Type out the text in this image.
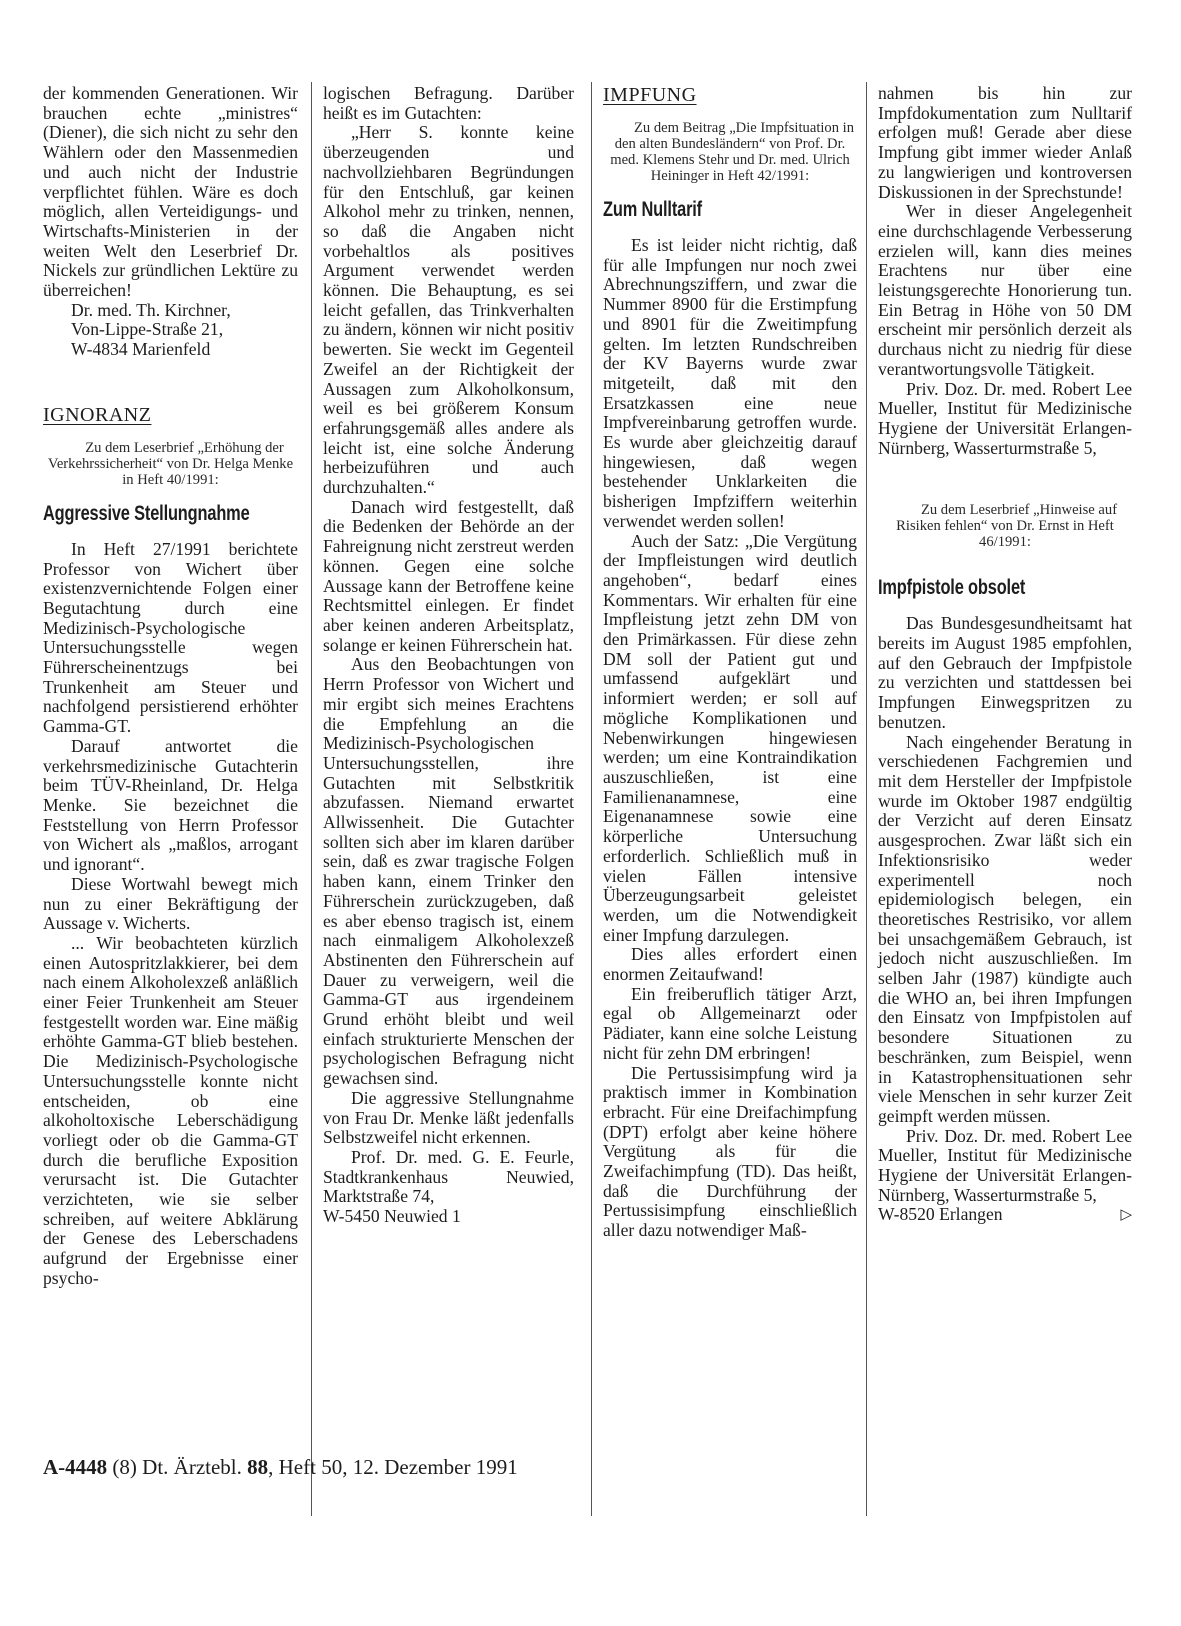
der kommenden Generationen. Wir brauchen echte „ministres“ (Diener), die sich nicht zu sehr den Wählern oder den Massenmedien und auch nicht der Industrie verpflichtet fühlen. Wäre es doch möglich, allen Verteidigungs- und Wirtschafts-Ministerien in der weiten Welt den Leserbrief Dr. Nickels zur gründlichen Lektüre zu überreichen!

Dr. med. Th. Kirchner,

Von-Lippe-Straße 21,

W-4834 Marienfeld

IGNORANZ

Zu dem Leserbrief „Erhöhung der Verkehrssicherheit“ von Dr. Helga Menke in Heft 40/1991:

Aggressive Stellungnahme

In Heft 27/1991 berichtete Professor von Wichert über existenzvernichtende Folgen einer Begutachtung durch eine Medizinisch-Psychologische Untersuchungsstelle wegen Führerscheinentzugs bei Trunkenheit am Steuer und nachfolgend persistierend erhöhter Gamma-GT.

Darauf antwortet die verkehrsmedizinische Gutachterin beim TÜV-Rheinland, Dr. Helga Menke. Sie bezeichnet die Feststellung von Herrn Professor von Wichert als „maßlos, arrogant und ignorant“.

Diese Wortwahl bewegt mich nun zu einer Bekräftigung der Aussage v. Wicherts.

... Wir beobachteten kürzlich einen Autospritzlakkierer, bei dem nach einem Alkoholexzeß anläßlich einer Feier Trunkenheit am Steuer festgestellt worden war. Eine mäßig erhöhte Gamma-GT blieb bestehen. Die Medizinisch-Psychologische Untersuchungsstelle konnte nicht entscheiden, ob eine alkoholtoxische Leberschädigung vorliegt oder ob die Gamma-GT durch die berufliche Exposition verursacht ist. Die Gutachter verzichteten, wie sie selber schreiben, auf weitere Abklärung der Genese des Leberschadens aufgrund der Ergebnisse einer psycho-

logischen Befragung. Darüber heißt es im Gutachten:

„Herr S. konnte keine überzeugenden und nachvollziehbaren Begründungen für den Entschluß, gar keinen Alkohol mehr zu trinken, nennen, so daß die Angaben nicht vorbehaltlos als positives Argument verwendet werden können. Die Behauptung, es sei leicht gefallen, das Trinkverhalten zu ändern, können wir nicht positiv bewerten. Sie weckt im Gegenteil Zweifel an der Richtigkeit der Aussagen zum Alkoholkonsum, weil es bei größerem Konsum erfahrungsgemäß alles andere als leicht ist, eine solche Änderung herbeizuführen und auch durchzuhalten.“

Danach wird festgestellt, daß die Bedenken der Behörde an der Fahreignung nicht zerstreut werden können. Gegen eine solche Aussage kann der Betroffene keine Rechtsmittel einlegen. Er findet aber keinen anderen Arbeitsplatz, solange er keinen Führerschein hat.

Aus den Beobachtungen von Herrn Professor von Wichert und mir ergibt sich meines Erachtens die Empfehlung an die Medizinisch-Psychologischen Untersuchungsstellen, ihre Gutachten mit Selbstkritik abzufassen. Niemand erwartet Allwissenheit. Die Gutachter sollten sich aber im klaren darüber sein, daß es zwar tragische Folgen haben kann, einem Trinker den Führerschein zurückzugeben, daß es aber ebenso tragisch ist, einem nach einmaligem Alkoholexzeß Abstinenten den Führerschein auf Dauer zu verweigern, weil die Gamma-GT aus irgendeinem Grund erhöht bleibt und weil einfach strukturierte Menschen der psychologischen Befragung nicht gewachsen sind.

Die aggressive Stellungnahme von Frau Dr. Menke läßt jedenfalls Selbstzweifel nicht erkennen.

Prof. Dr. med. G. E. Feurle, Stadtkrankenhaus Neuwied, Marktstraße 74,

W-5450 Neuwied 1

IMPFUNG

Zu dem Beitrag „Die Impfsituation in den alten Bundesländern“ von Prof. Dr. med. Klemens Stehr und Dr. med. Ulrich Heininger in Heft 42/1991:

Zum Nulltarif

Es ist leider nicht richtig, daß für alle Impfungen nur noch zwei Abrechnungsziffern, und zwar die Nummer 8900 für die Erstimpfung und 8901 für die Zweitimpfung gelten. Im letzten Rundschreiben der KV Bayerns wurde zwar mitgeteilt, daß mit den Ersatzkassen eine neue Impfvereinbarung getroffen wurde. Es wurde aber gleichzeitig darauf hingewiesen, daß wegen bestehender Unklarkeiten die bisherigen Impfziffern weiterhin verwendet werden sollen!

Auch der Satz: „Die Vergütung der Impfleistungen wird deutlich angehoben“, bedarf eines Kommentars. Wir erhalten für eine Impfleistung jetzt zehn DM von den Primärkassen. Für diese zehn DM soll der Patient gut und umfassend aufgeklärt und informiert werden; er soll auf mögliche Komplikationen und Nebenwirkungen hingewiesen werden; um eine Kontraindikation auszuschließen, ist eine Familienanamnese, eine Eigenanamnese sowie eine körperliche Untersuchung erforderlich. Schließlich muß in vielen Fällen intensive Überzeugungsarbeit geleistet werden, um die Notwendigkeit einer Impfung darzulegen.

Dies alles erfordert einen enormen Zeitaufwand!

Ein freiberuflich tätiger Arzt, egal ob Allgemeinarzt oder Pädiater, kann eine solche Leistung nicht für zehn DM erbringen!

Die Pertussisimpfung wird ja praktisch immer in Kombination erbracht. Für eine Dreifachimpfung (DPT) erfolgt aber keine höhere Vergütung als für die Zweifachimpfung (TD). Das heißt, daß die Durchführung der Pertussisimpfung einschließlich aller dazu notwendiger Maß-

nahmen bis hin zur Impfdokumentation zum Nulltarif erfolgen muß! Gerade aber diese Impfung gibt immer wieder Anlaß zu langwierigen und kontroversen Diskussionen in der Sprechstunde!

Wer in dieser Angelegenheit eine durchschlagende Verbesserung erzielen will, kann dies meines Erachtens nur über eine leistungsgerechte Honorierung tun. Ein Betrag in Höhe von 50 DM erscheint mir persönlich derzeit als durchaus nicht zu niedrig für diese verantwortungsvolle Tätigkeit.

Priv. Doz. Dr. med. Robert Lee Mueller, Institut für Medizinische Hygiene der Universität Erlangen-Nürnberg, Wasserturmstraße 5,

Zu dem Leserbrief „Hinweise auf Risiken fehlen“ von Dr. Ernst in Heft 46/1991:

Impfpistole obsolet

Das Bundesgesundheitsamt hat bereits im August 1985 empfohlen, auf den Gebrauch der Impfpistole zu verzichten und stattdessen bei Impfungen Einwegspritzen zu benutzen.

Nach eingehender Beratung in verschiedenen Fachgremien und mit dem Hersteller der Impfpistole wurde im Oktober 1987 endgültig der Verzicht auf deren Einsatz ausgesprochen. Zwar läßt sich ein Infektionsrisiko weder experimentell noch epidemiologisch belegen, ein theoretisches Restrisiko, vor allem bei unsachgemäßem Gebrauch, ist jedoch nicht auszuschließen. Im selben Jahr (1987) kündigte auch die WHO an, bei ihren Impfungen den Einsatz von Impfpistolen auf besondere Situationen zu beschränken, zum Beispiel, wenn in Katastrophensituationen sehr viele Menschen in sehr kurzer Zeit geimpft werden müssen.

Priv. Doz. Dr. med. Robert Lee Mueller, Institut für Medizinische Hygiene der Universität Erlangen-Nürnberg, Wasserturmstraße 5,

W-8520 Erlangen	▷

A-4448 (8) Dt. Ärztebl. 88, Heft 50, 12. Dezember 1991
